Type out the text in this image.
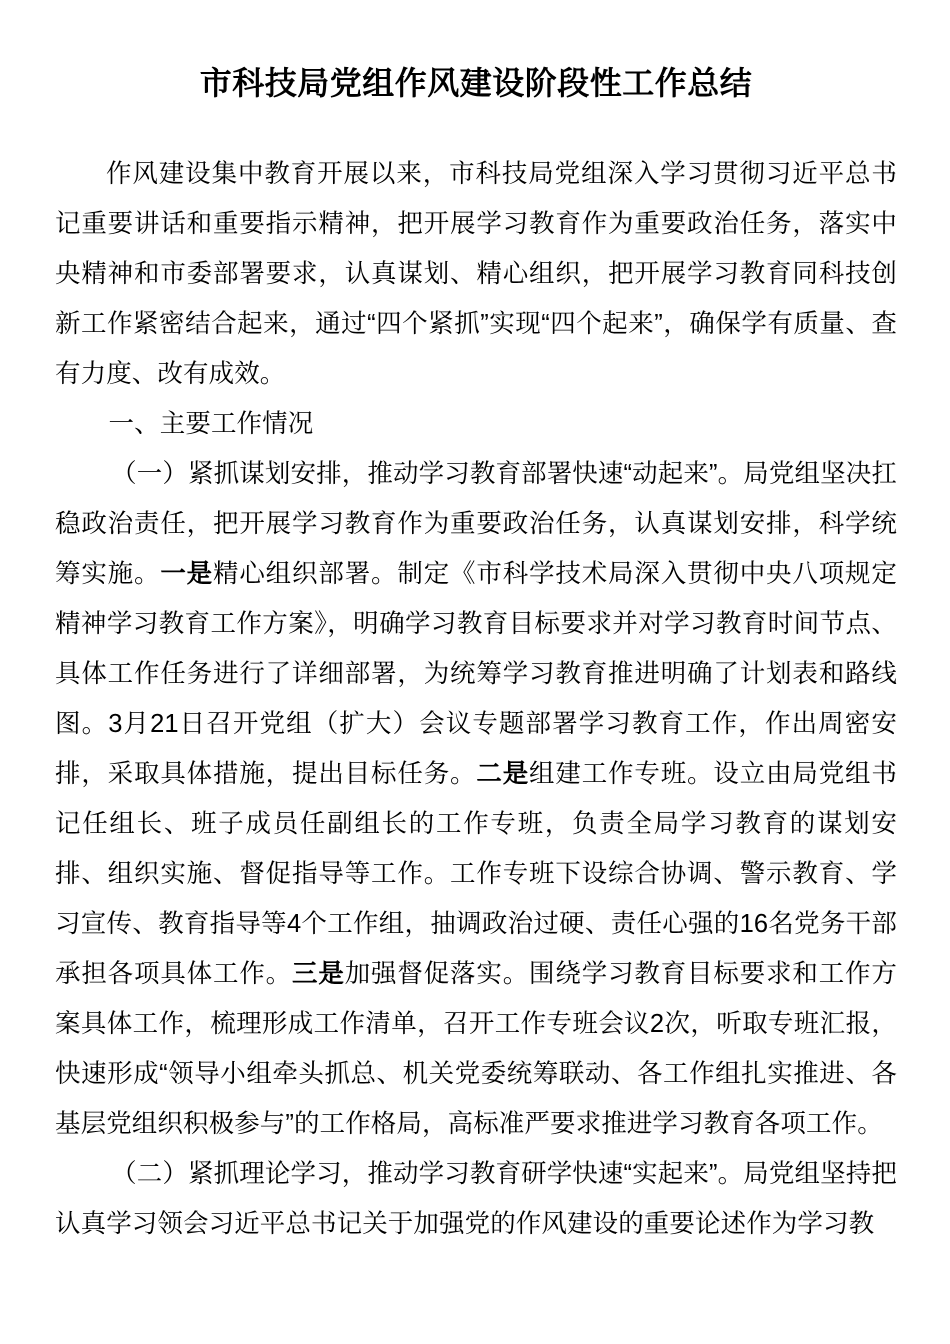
市科技局党组作风建设阶段性工作总结

作风建设集中教育开展以来，市科技局党组深入学习贯彻习近平总书记重要讲话和重要指示精神，把开展学习教育作为重要政治任务，落实中央精神和市委部署要求，认真谋划、精心组织，把开展学习教育同科技创新工作紧密结合起来，通过“四个紧抓”实现“四个起来”，确保学有质量、查有力度、改有成效。

一、主要工作情况

（一）紧抓谋划安排，推动学习教育部署快速“动起来”。局党组坚决扛稳政治责任，把开展学习教育作为重要政治任务，认真谋划安排，科学统筹实施。一是精心组织部署。制定《市科学技术局深入贯彻中央八项规定精神学习教育工作方案》，明确学习教育目标要求并对学习教育时间节点、具体工作任务进行了详细部署，为统筹学习教育推进明确了计划表和路线图。3月21日召开党组（扩大）会议专题部署学习教育工作，作出周密安排，采取具体措施，提出目标任务。二是组建工作专班。设立由局党组书记任组长、班子成员任副组长的工作专班，负责全局学习教育的谋划安排、组织实施、督促指导等工作。工作专班下设综合协调、警示教育、学习宣传、教育指导等4个工作组，抽调政治过硬、责任心强的16名党务干部承担各项具体工作。三是加强督促落实。围绕学习教育目标要求和工作方案具体工作，梳理形成工作清单，召开工作专班会议2次，听取专班汇报，快速形成“领导小组牵头抓总、机关党委统筹联动、各工作组扎实推进、各基层党组织积极参与”的工作格局，高标准严要求推进学习教育各项工作。

（二）紧抓理论学习，推动学习教育研学快速“实起来”。局党组坚持把认真学习领会习近平总书记关于加强党的作风建设的重要论述作为学习教
